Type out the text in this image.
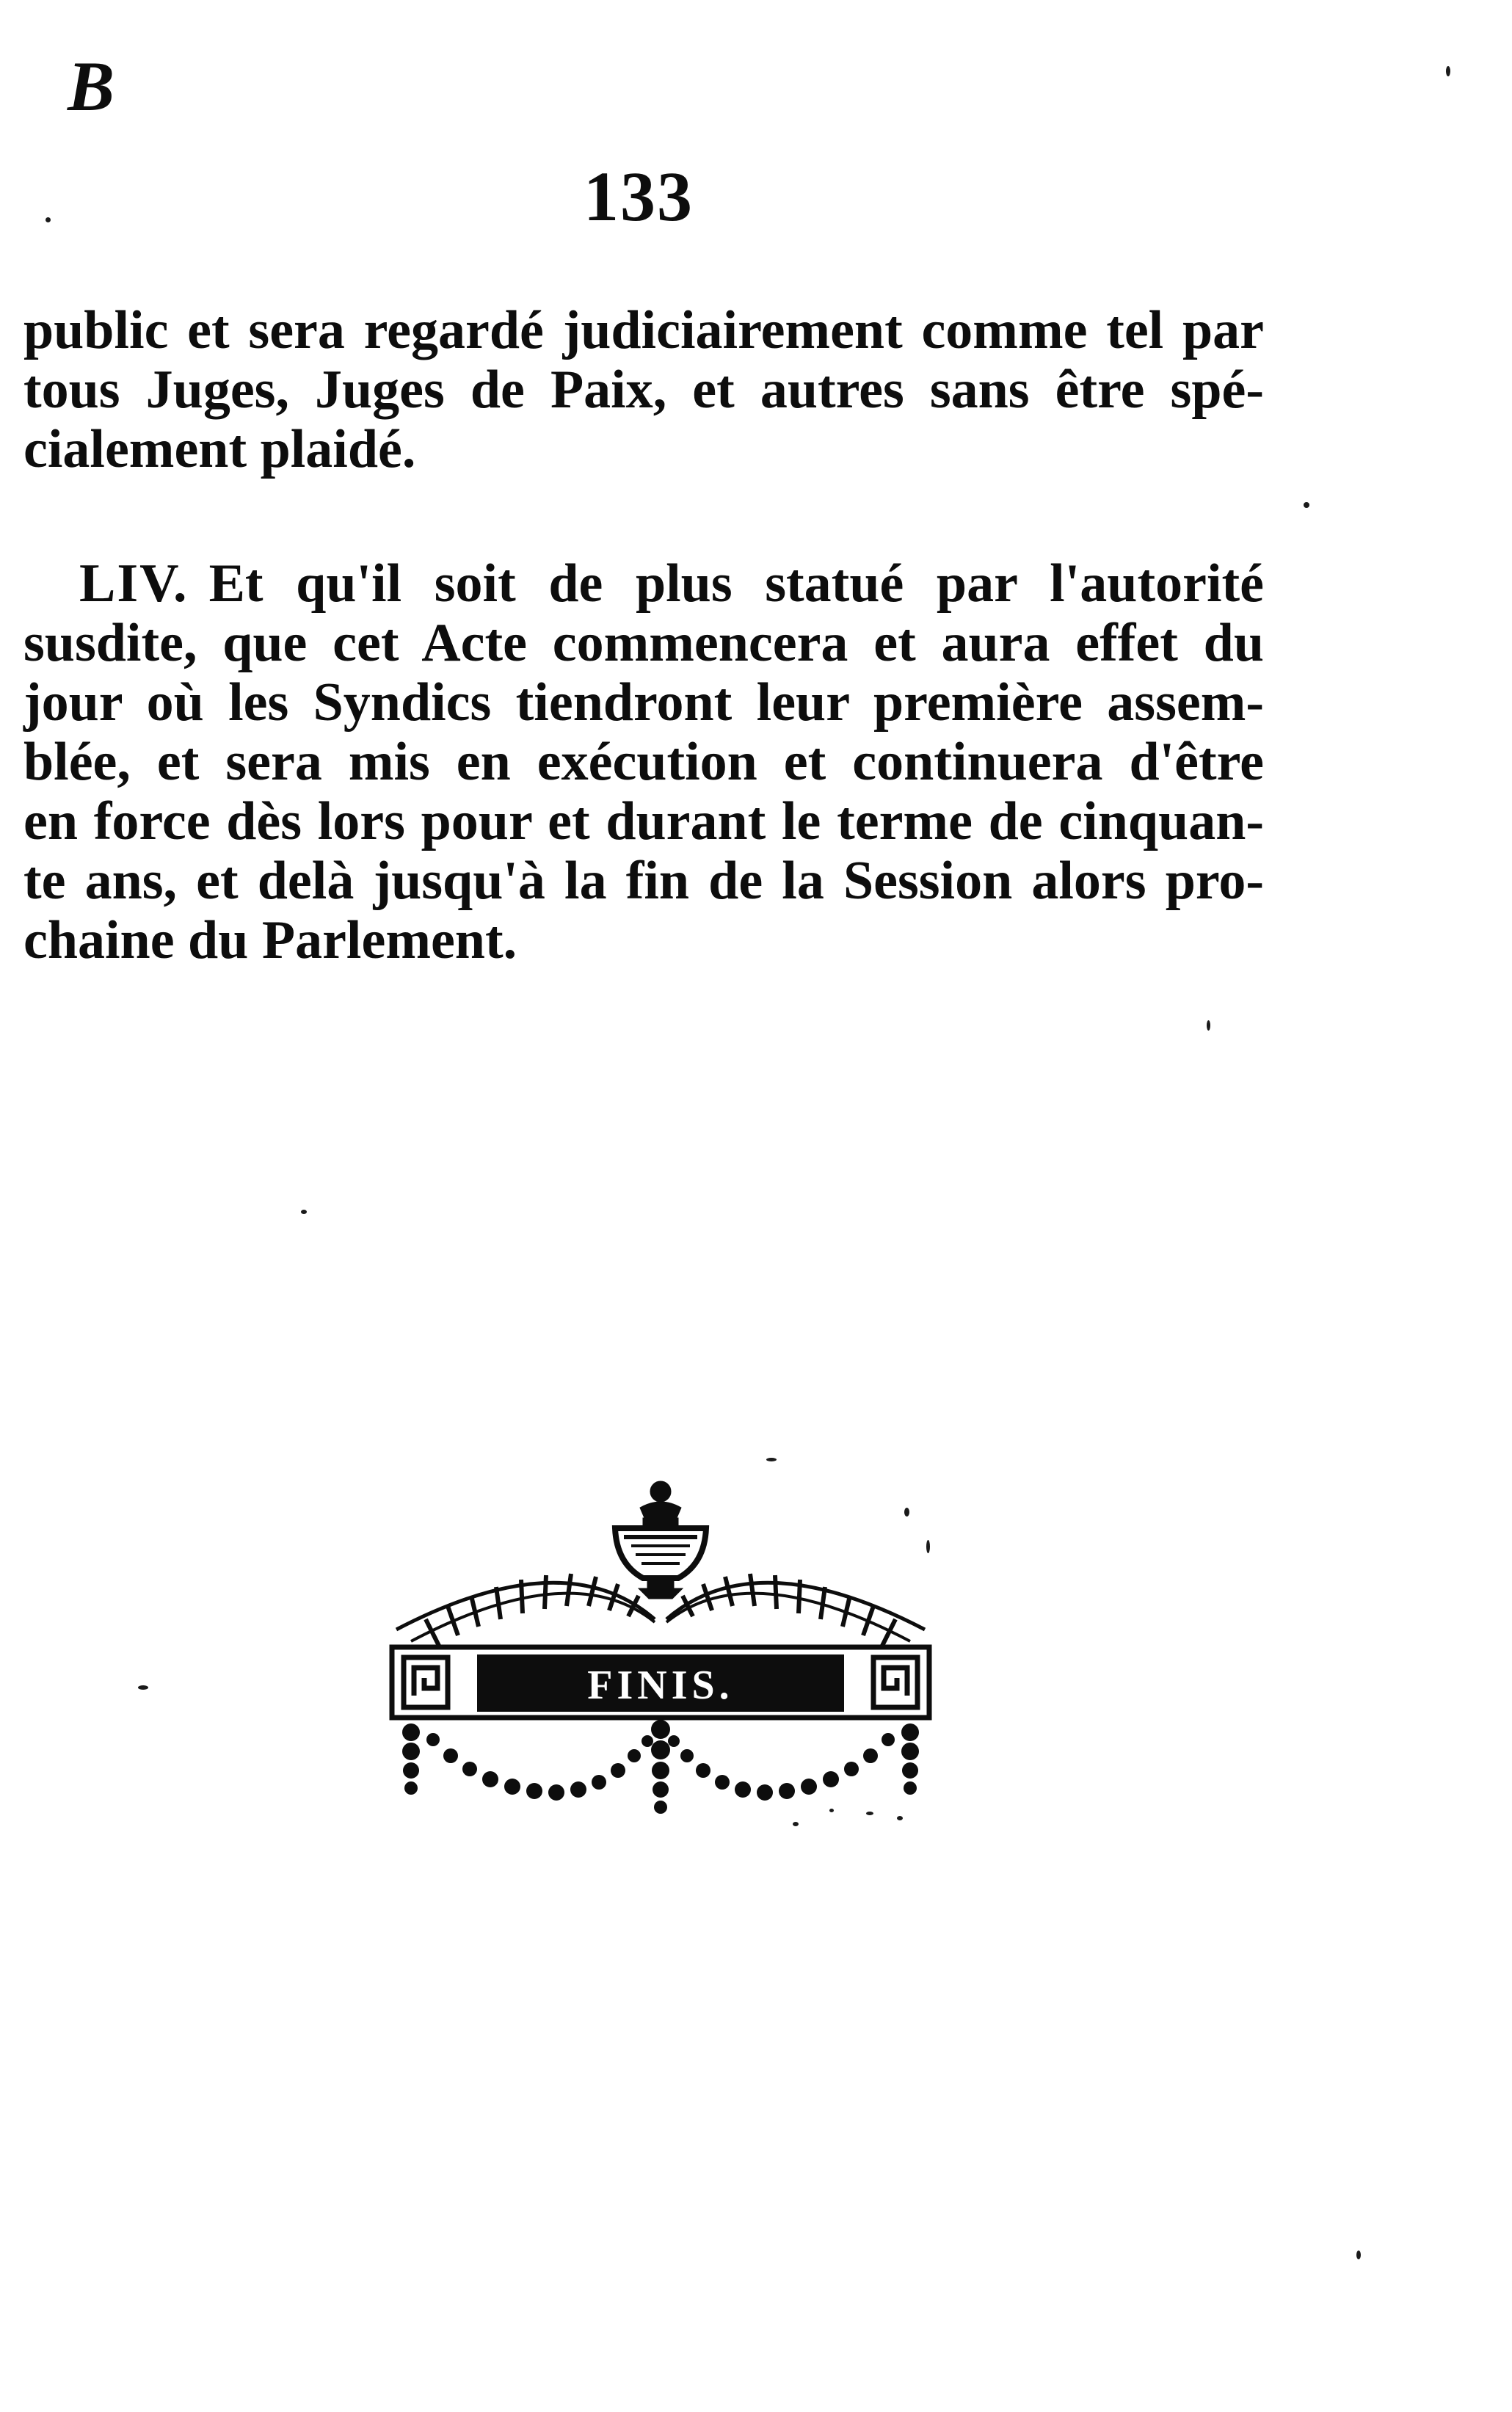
B
133

public et sera regardé judiciairement comme tel par
tous Juges, Juges de Paix, et autres sans être spé-
cialement plaidé.

LIV. Et qu'il soit de plus statué par l'autorité
susdite, que cet Acte commencera et aura effet du
jour où les Syndics tiendront leur première assem-
blée, et sera mis en exécution et continuera d'être
en force dès lors pour et durant le terme de cinquan-
te ans, et delà jusqu'à la fin de la Session alors pro-
chaine du Parlement.

FINIS.
